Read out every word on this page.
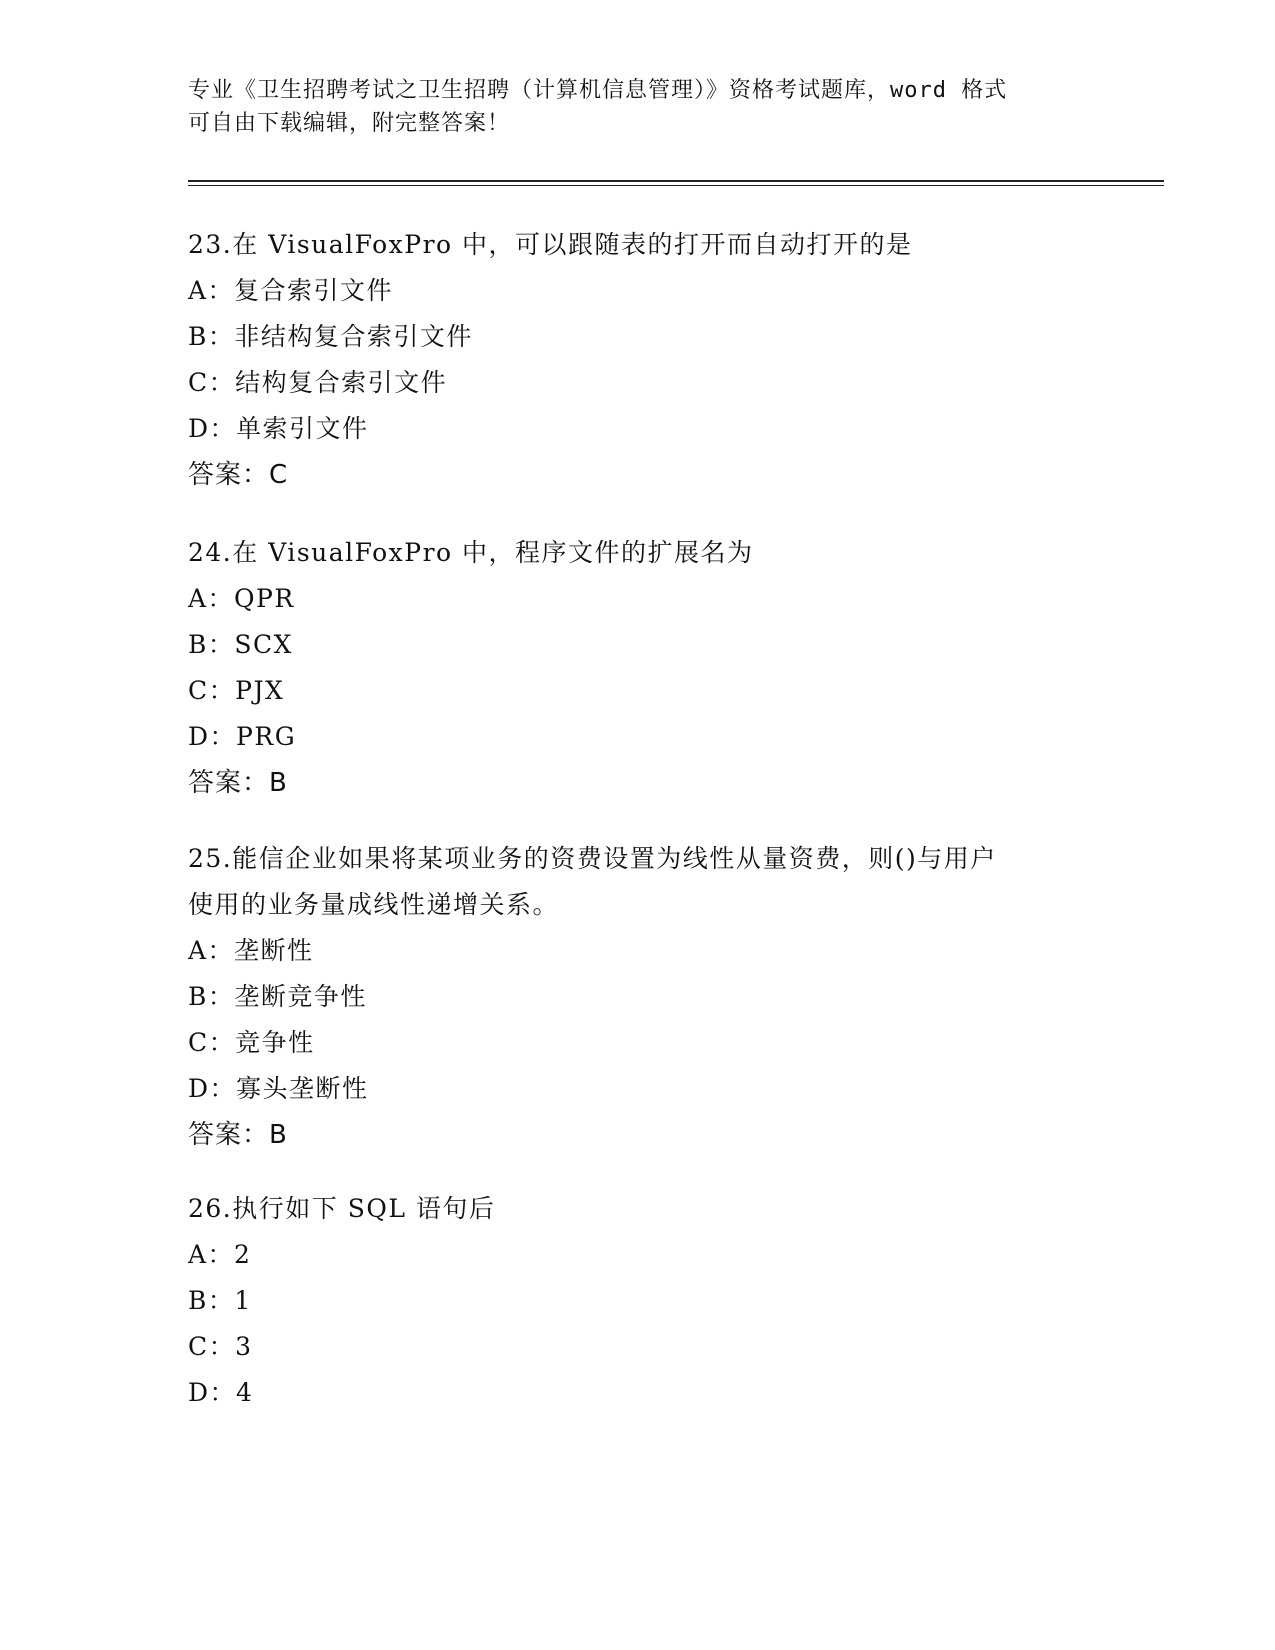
专业《卫生招聘考试之卫生招聘（计算机信息管理）》资格考试题库，word 格式
可自由下载编辑，附完整答案！
23.在 VisualFoxPro 中，可以跟随表的打开而自动打开的是
A：复合索引文件
B：非结构复合索引文件
C：结构复合索引文件
D：单索引文件
答案：C
24.在 VisualFoxPro 中，程序文件的扩展名为
A：QPR
B：SCX
C：PJX
D：PRG
答案：B
25.能信企业如果将某项业务的资费设置为线性从量资费，则()与用户
使用的业务量成线性递增关系。
A：垄断性
B：垄断竞争性
C：竞争性
D：寡头垄断性
答案：B
26.执行如下 SQL 语句后
A：2
B：1
C：3
D：4
